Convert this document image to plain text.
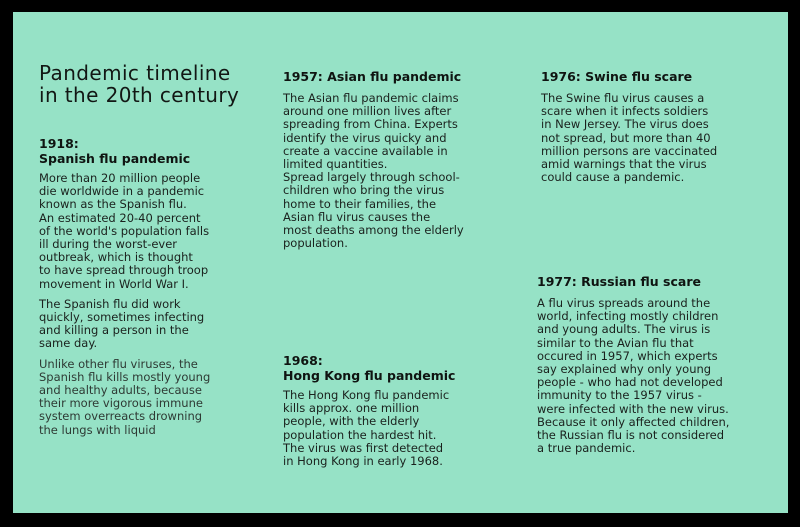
Pandemic timeline
in the 20th century
1918:
Spanish flu pandemic

More than 20 million people
die worldwide in a pandemic
known as the Spanish flu.
An estimated 20-40 percent
of the world's population falls
ill during the worst-ever
outbreak, which is thought
to have spread through troop
movement in World War I.

The Spanish flu did work
quickly, sometimes infecting
and killing a person in the
same day.

Unlike other flu viruses, the
Spanish flu kills mostly young
and healthy adults, because
their more vigorous immune
system overreacts drowning
the lungs with liquid

1957: Asian flu pandemic

The Asian flu pandemic claims
around one million lives after
spreading from China. Experts
identify the virus quicky and
create a vaccine available in
limited quantities.
Spread largely through school-
children who bring the virus
home to their families, the
Asian flu virus causes the
most deaths among the elderly
population.

1968:
Hong Kong flu pandemic

The Hong Kong flu pandemic
kills approx. one million
people, with the elderly
population the hardest hit.
The virus was first detected
in Hong Kong in early 1968.

1976: Swine flu scare

The Swine flu virus causes a
scare when it infects soldiers
in New Jersey. The virus does
not spread, but more than 40
million persons are vaccinated
amid warnings that the virus
could cause a pandemic.

1977: Russian flu scare

A flu virus spreads around the
world, infecting mostly children
and young adults. The virus is
similar to the Avian flu that
occured in 1957, which experts
say explained why only young
people - who had not developed
immunity to the 1957 virus -
were infected with the new virus.
Because it only affected children,
the Russian flu is not considered
a true pandemic.
